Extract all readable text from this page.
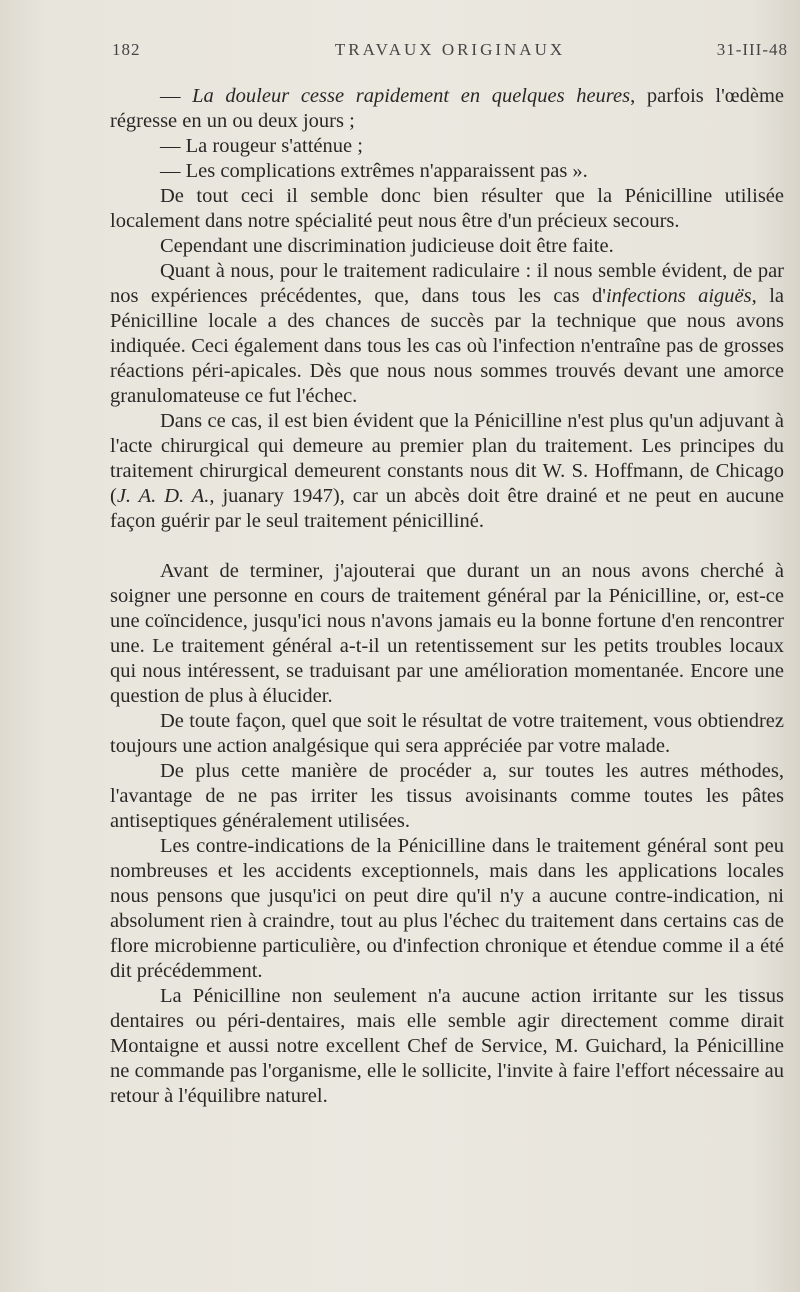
182	TRAVAUX ORIGINAUX	31-III-48

— La douleur cesse rapidement en quelques heures, parfois l'œdème régresse en un ou deux jours ;

— La rougeur s'atténue ;

— Les complications extrêmes n'apparaissent pas ».

De tout ceci il semble donc bien résulter que la Pénicilline utilisée localement dans notre spécialité peut nous être d'un précieux secours.

Cependant une discrimination judicieuse doit être faite.

Quant à nous, pour le traitement radiculaire : il nous semble évident, de par nos expériences précédentes, que, dans tous les cas d'infections aiguës, la Pénicilline locale a des chances de succès par la technique que nous avons indiquée. Ceci également dans tous les cas où l'infection n'entraîne pas de grosses réactions péri-apicales. Dès que nous nous sommes trouvés devant une amorce granulomateuse ce fut l'échec.

Dans ce cas, il est bien évident que la Pénicilline n'est plus qu'un adjuvant à l'acte chirurgical qui demeure au premier plan du traitement. Les principes du traitement chirurgical demeurent constants nous dit W. S. Hoffmann, de Chicago (J. A. D. A., juanary 1947), car un abcès doit être drainé et ne peut en aucune façon guérir par le seul traitement pénicilliné.

Avant de terminer, j'ajouterai que durant un an nous avons cherché à soigner une personne en cours de traitement général par la Pénicilline, or, est-ce une coïncidence, jusqu'ici nous n'avons jamais eu la bonne fortune d'en rencontrer une. Le traitement général a-t-il un retentissement sur les petits troubles locaux qui nous intéressent, se traduisant par une amélioration momentanée. Encore une question de plus à élucider.

De toute façon, quel que soit le résultat de votre traitement, vous obtiendrez toujours une action analgésique qui sera appréciée par votre malade.

De plus cette manière de procéder a, sur toutes les autres méthodes, l'avantage de ne pas irriter les tissus avoisinants comme toutes les pâtes antiseptiques généralement utilisées.

Les contre-indications de la Pénicilline dans le traitement général sont peu nombreuses et les accidents exceptionnels, mais dans les applications locales nous pensons que jusqu'ici on peut dire qu'il n'y a aucune contre-indication, ni absolument rien à craindre, tout au plus l'échec du traitement dans certains cas de flore microbienne particulière, ou d'infection chronique et étendue comme il a été dit précédemment.

La Pénicilline non seulement n'a aucune action irritante sur les tissus dentaires ou péri-dentaires, mais elle semble agir directement comme dirait Montaigne et aussi notre excellent Chef de Service, M. Guichard, la Pénicilline ne commande pas l'organisme, elle le sollicite, l'invite à faire l'effort nécessaire au retour à l'équilibre naturel.
